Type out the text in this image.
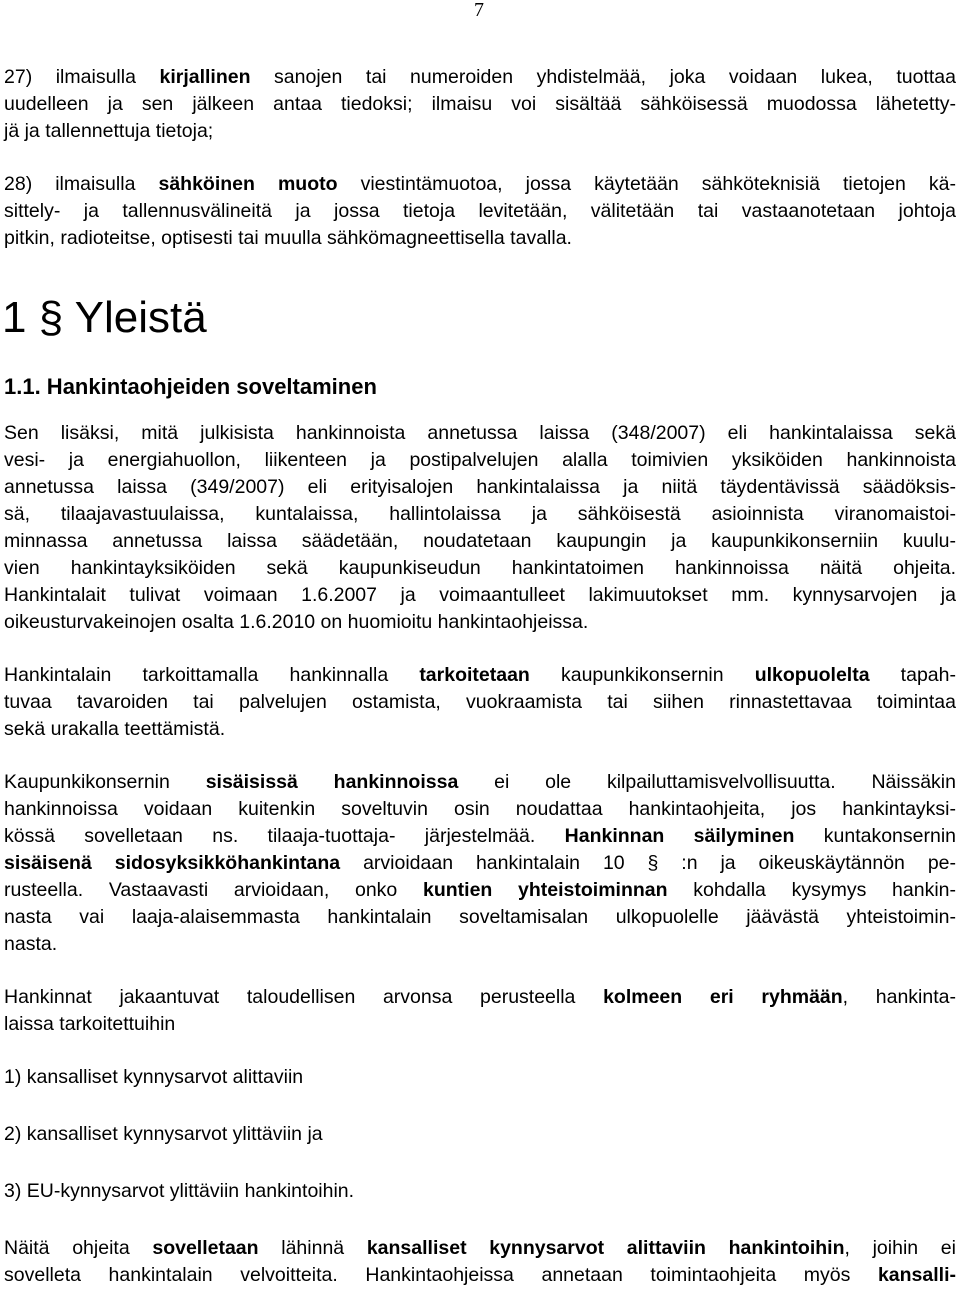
7

27) ilmaisulla kirjallinen sanojen tai numeroiden yhdistelmää, joka voidaan lukea, tuottaa
uudelleen ja sen jälkeen antaa tiedoksi; ilmaisu voi sisältää sähköisessä muodossa lähetetty-
jä ja tallennettuja tietoja;

28) ilmaisulla sähköinen muoto viestintämuotoa, jossa käytetään sähköteknisiä tietojen kä-
sittely- ja tallennusvälineitä ja jossa tietoja levitetään, välitetään tai vastaanotetaan johtoja
pitkin, radioteitse, optisesti tai muulla sähkömagneettisella tavalla.

1 § Yleistä
1.1. Hankintaohjeiden soveltaminen

Sen lisäksi, mitä julkisista hankinnoista annetussa laissa (348/2007) eli hankintalaissa sekä
vesi- ja energiahuollon, liikenteen ja postipalvelujen alalla toimivien yksiköiden hankinnoista
annetussa laissa (349/2007) eli erityisalojen hankintalaissa ja niitä täydentävissä säädöksis-
sä, tilaajavastuulaissa, kuntalaissa, hallintolaissa ja sähköisestä asioinnista viranomaistoi-
minnassa annetussa laissa säädetään, noudatetaan kaupungin ja kaupunkikonserniin kuulu-
vien hankintayksiköiden sekä kaupunkiseudun hankintatoimen hankinnoissa näitä ohjeita.
Hankintalait tulivat voimaan 1.6.2007 ja voimaantulleet lakimuutokset mm. kynnysarvojen ja
oikeusturvakeinojen osalta 1.6.2010 on huomioitu hankintaohjeissa.

Hankintalain tarkoittamalla hankinnalla tarkoitetaan kaupunkikonsernin ulkopuolelta tapah-
tuvaa tavaroiden tai palvelujen ostamista, vuokraamista tai siihen rinnastettavaa toimintaa
sekä urakalla teettämistä.

Kaupunkikonsernin sisäisissä hankinnoissa ei ole kilpailuttamisvelvollisuutta. Näissäkin
hankinnoissa voidaan kuitenkin soveltuvin osin noudattaa hankintaohjeita, jos hankintayksi-
kössä sovelletaan ns. tilaaja-tuottaja- järjestelmää. Hankinnan säilyminen kuntakonsernin
sisäisenä sidosyksikköhankintana arvioidaan hankintalain 10 § :n ja oikeuskäytännön pe-
rusteella. Vastaavasti arvioidaan, onko kuntien yhteistoiminnan kohdalla kysymys hankin-
nasta vai laaja-alaisemmasta hankintalain soveltamisalan ulkopuolelle jäävästä yhteistoimin-
nasta.

Hankinnat jakaantuvat taloudellisen arvonsa perusteella kolmeen eri ryhmään, hankinta-
laissa tarkoitettuihin

1) kansalliset kynnysarvot alittaviin
2) kansalliset kynnysarvot ylittäviin ja
3) EU-kynnysarvot ylittäviin hankintoihin.

Näitä ohjeita sovelletaan lähinnä kansalliset kynnysarvot alittaviin hankintoihin, joihin ei
sovelleta hankintalain velvoitteita. Hankintaohjeissa annetaan toimintaohjeita myös kansalli-
